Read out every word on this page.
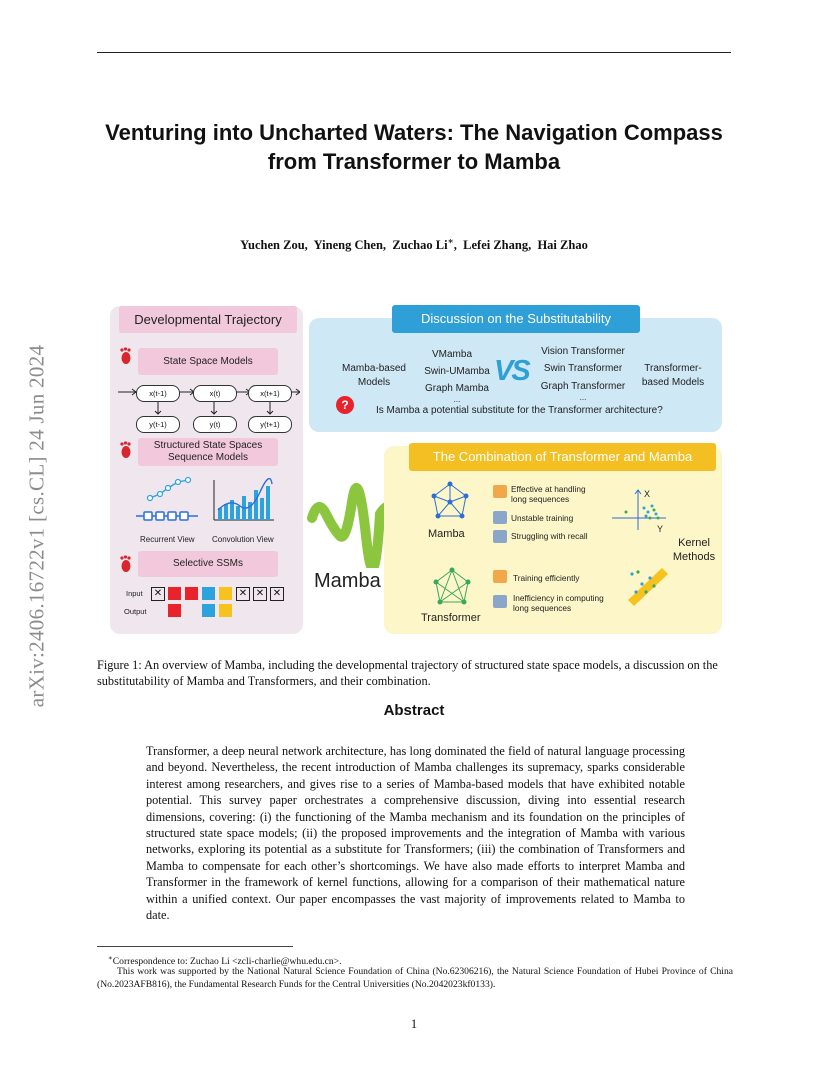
arXiv:2406.16722v1 [cs.CL] 24 Jun 2024
Venturing into Uncharted Waters: The Navigation Compass from Transformer to Mamba
Yuchen Zou, Yineng Chen, Zuchao Li∗, Lefei Zhang, Hai Zhao
Developmental Trajectory
State Space Models
x(t-1)	x(t)	x(t+1)
y(t-1)	y(t)	y(t+1)
Structured State Spaces Sequence Models
Recurrent View Convolution View
Selective SSMs
Input
Output
✕	✕ ✕ ✕
Mamba
Discussion on the Substitutability
Mamba-based Models
VMamba
Swin-UMamba
Graph Mamba
...
VS
Vision Transformer
Swin Transformer
Graph Transformer
...
Transformer-based Models
?	Is Mamba a potential substitute for the Transformer architecture?
The Combination of Transformer and Mamba
Mamba
Transformer
Effective at handling long sequences
Unstable training
Struggling with recall
Training efficiently
Inefficiency in computing long sequences
X
Y
Kernel Methods
Figure 1: An overview of Mamba, including the developmental trajectory of structured state space models, a discussion on the substitutability of Mamba and Transformers, and their combination.
Abstract
Transformer, a deep neural network architecture, has long dominated the field of natural language processing and beyond. Nevertheless, the recent introduction of Mamba challenges its supremacy, sparks considerable interest among researchers, and gives rise to a series of Mamba-based models that have exhibited notable potential. This survey paper orchestrates a comprehensive discussion, diving into essential research dimensions, covering: (i) the functioning of the Mamba mechanism and its foundation on the principles of structured state space models; (ii) the proposed improvements and the integration of Mamba with various networks, exploring its potential as a substitute for Transformers; (iii) the combination of Transformers and Mamba to compensate for each other’s shortcomings. We have also made efforts to interpret Mamba and Transformer in the framework of kernel functions, allowing for a comparison of their mathematical nature within a unified context. Our paper encompasses the vast majority of improvements related to Mamba to date.
∗Correspondence to: Zuchao Li <zcli-charlie@whu.edu.cn>.
This work was supported by the National Natural Science Foundation of China (No.62306216), the Natural Science Foundation of Hubei Province of China (No.2023AFB816), the Fundamental Research Funds for the Central Universities (No.2042023kf0133).
1
